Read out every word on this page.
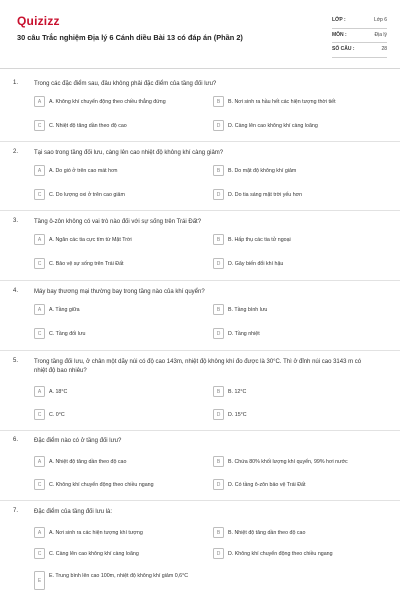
Quizizz
30 câu Trắc nghiệm Địa lý 6 Cánh diều Bài 13 có đáp án (Phần 2)
LỚP :	Lớp 6
MÔN :	Địa lý
SỐ CÂU :	28
1.	Trong các đặc điểm sau, đâu không phải đặc điểm của tầng đối lưu?
A	A. Không khí chuyển động theo chiều thẳng đứng	B	B. Nơi sinh ra hầu hết các hiện tượng thời tiết
C	C. Nhiệt độ tăng dần theo độ cao	D	D. Càng lên cao không khí càng loãng
2.	Tại sao trong tầng đối lưu, càng lên cao nhiệt độ không khí càng giảm?
A	A. Do gió ở trên cao mát hơn	B	B. Do mặt độ không khí giảm
C	C. Do lượng oxi ở trên cao giảm	D	D. Do tia sáng mặt trời yếu hơn
3.	Tầng ô-zôn không có vai trò nào đối với sự sống trên Trái Đất?
A	A. Ngăn các tia cực tím từ Mặt Trời	B	B. Hấp thụ các tia tử ngoại
C	C. Bảo vệ sự sống trên Trái Đất	D	D. Gây biến đổi khí hậu
4.	Máy bay thương mại thường bay trong tầng nào của khí quyển?
A	A. Tầng giữa	B	B. Tầng bình lưu
C	C. Tầng đối lưu	D	D. Tầng nhiệt
5.	Trong tầng đối lưu, ở chân một dãy núi có độ cao 143m, nhiệt độ không khí đo được là 30°C. Thì ở đỉnh núi cao 3143 m có nhiệt độ bao nhiêu?
A	A. 18°C	B	B. 12°C
C	C. 0°C	D	D. 15°C
6.	Đặc điểm nào có ở tầng đối lưu?
A	A. Nhiệt độ tăng dần theo độ cao	B	B. Chứa 80% khối lượng khí quyển, 99% hơi nước
C	C. Không khí chuyển động theo chiều ngang	D	D. Có tầng ô-zôn bảo vệ Trái Đất
7.	Đặc điểm của tầng đối lưu là:
A	A. Nơi sinh ra các hiện tượng khí tượng	B	B. Nhiệt độ tăng dần theo độ cao
C	C. Càng lên cao không khí càng loãng	D	D. Không khí chuyển động theo chiều ngang
E
E. Trung bình lên cao 100m, nhiệt độ không khí giảm 0,6°C
